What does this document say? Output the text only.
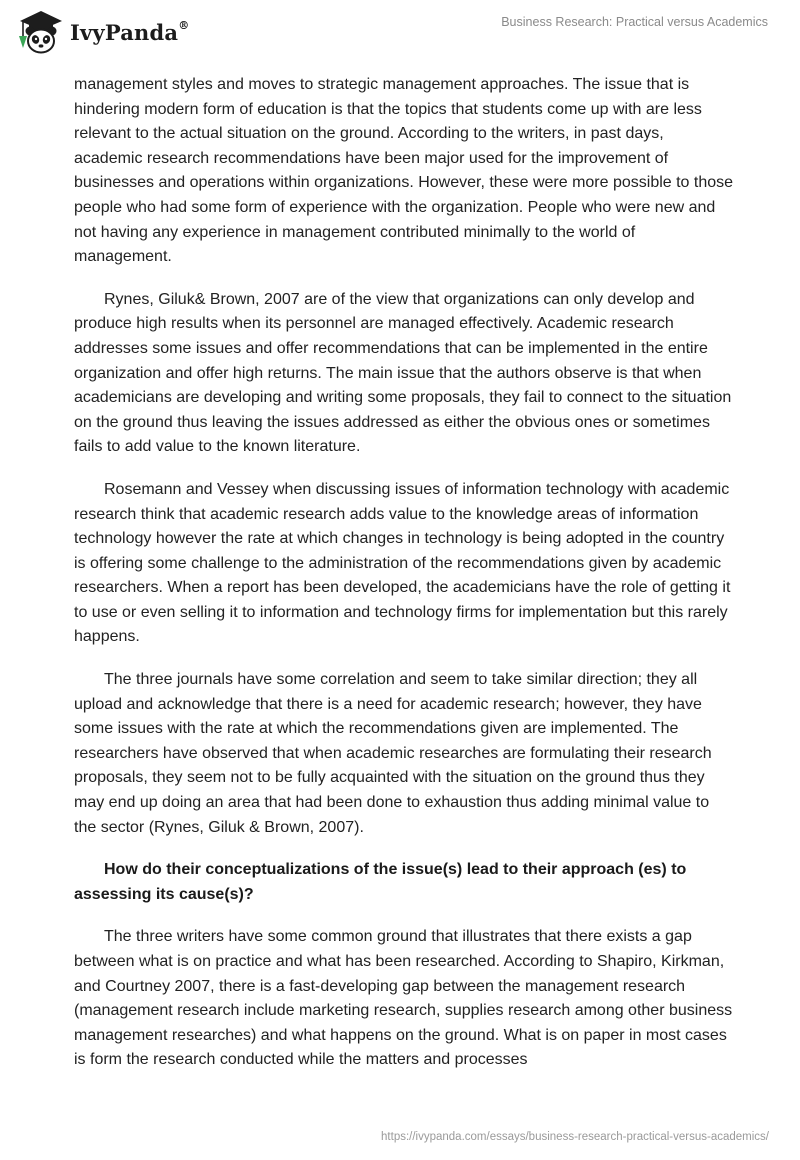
IvyPanda®	Business Research: Practical versus Academics

management styles and moves to strategic management approaches. The issue that is hindering modern form of education is that the topics that students come up with are less relevant to the actual situation on the ground. According to the writers, in past days, academic research recommendations have been major used for the improvement of businesses and operations within organizations. However, these were more possible to those people who had some form of experience with the organization. People who were new and not having any experience in management contributed minimally to the world of management.

Rynes, Giluk& Brown, 2007 are of the view that organizations can only develop and produce high results when its personnel are managed effectively. Academic research addresses some issues and offer recommendations that can be implemented in the entire organization and offer high returns. The main issue that the authors observe is that when academicians are developing and writing some proposals, they fail to connect to the situation on the ground thus leaving the issues addressed as either the obvious ones or sometimes fails to add value to the known literature.

Rosemann and Vessey when discussing issues of information technology with academic research think that academic research adds value to the knowledge areas of information technology however the rate at which changes in technology is being adopted in the country is offering some challenge to the administration of the recommendations given by academic researchers. When a report has been developed, the academicians have the role of getting it to use or even selling it to information and technology firms for implementation but this rarely happens.

The three journals have some correlation and seem to take similar direction; they all upload and acknowledge that there is a need for academic research; however, they have some issues with the rate at which the recommendations given are implemented. The researchers have observed that when academic researches are formulating their research proposals, they seem not to be fully acquainted with the situation on the ground thus they may end up doing an area that had been done to exhaustion thus adding minimal value to the sector (Rynes, Giluk & Brown, 2007).

How do their conceptualizations of the issue(s) lead to their approach (es) to assessing its cause(s)?

The three writers have some common ground that illustrates that there exists a gap between what is on practice and what has been researched. According to Shapiro, Kirkman, and Courtney 2007, there is a fast-developing gap between the management research (management research include marketing research, supplies research among other business management researches) and what happens on the ground. What is on paper in most cases is form the research conducted while the matters and processes

https://ivypanda.com/essays/business-research-practical-versus-academics/
